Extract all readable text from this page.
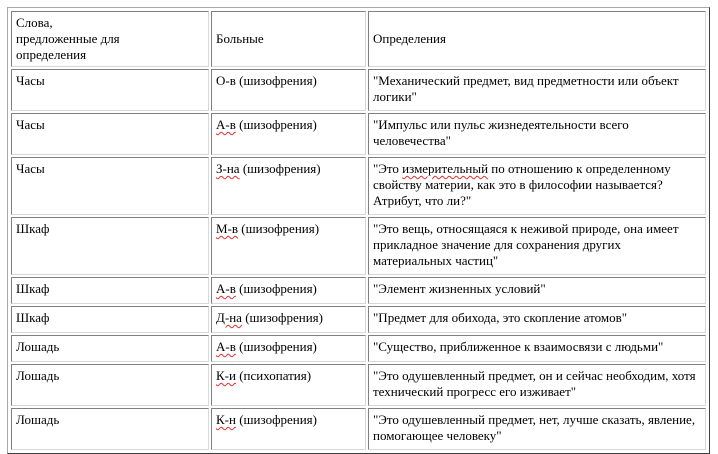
Слова,
предложенные для
определения	Больные	Определения
Часы	О-в (шизофрения)	"Механический предмет, вид предметности или объект логики"
Часы	А-в (шизофрения)	"Импульс или пульс жизнедеятельности всего человечества"
Часы	З-на (шизофрения)	"Это измерительный по отношению к определенному свойству материи, как это в философии называется? Атрибут, что ли?"
Шкаф	М-в (шизофрения)	"Это вещь, относящаяся к неживой природе, она имеет прикладное значение для сохранения других материальных частиц"
Шкаф	А-в (шизофрения)	"Элемент жизненных условий"
Шкаф	Д-на (шизофрения)	"Предмет для обихода, это скопление атомов"
Лошадь	А-в (шизофрения)	"Существо, приближенное к взаимосвязи с людьми"
Лошадь	К-и (психопатия)	"Это одушевленный предмет, он и сейчас необходим, хотя технический прогресс его изживает"
Лошадь	К-н (шизофрения)	"Это одушевленный предмет, нет, лучше сказать, явление, помогающее человеку"
